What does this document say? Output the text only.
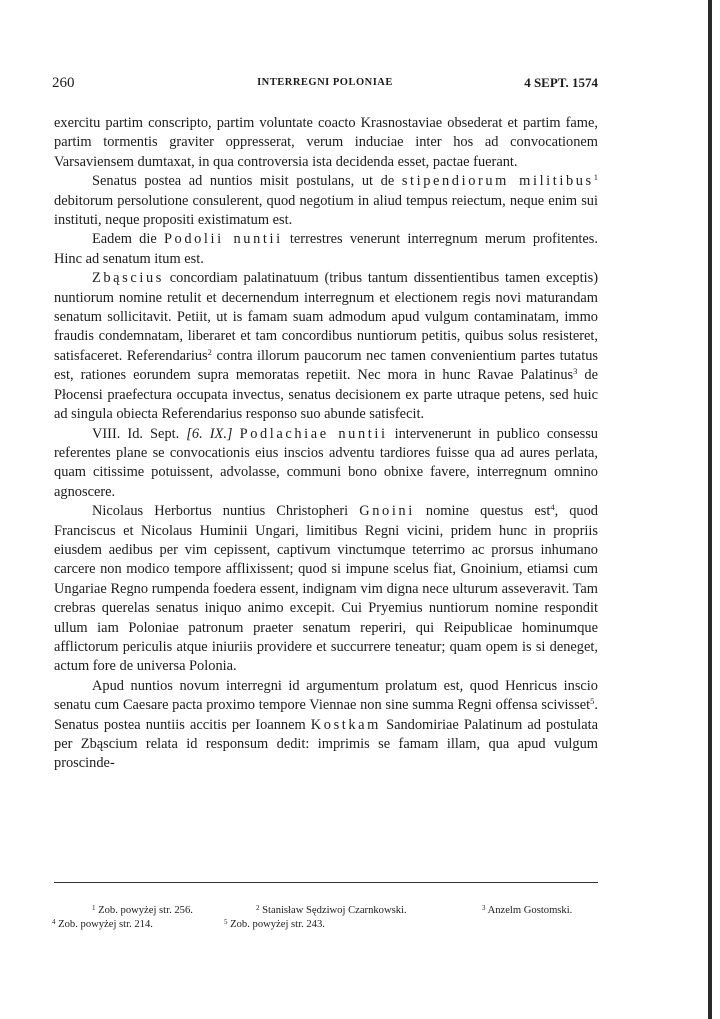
260	INTERREGNI POLONIAE	4 SEPT. 1574

exercitu partim conscripto, partim voluntate coacto Krasnostaviae obsederat et partim fame, partim tormentis graviter oppresserat, verum induciae inter hos ad convocationem Varsaviensem dumtaxat, in qua controversia ista decidenda esset, pactae fuerant.

Senatus postea ad nuntios misit postulans, ut de stipendiorum militibus$^1$ debitorum persolutione consulerent, quod negotium in aliud tempus reiectum, neque enim sui instituti, neque propositi existimatum est.

Eadem die Podolii nuntii terrestres venerunt interregnum merum profitentes. Hinc ad senatum itum est.

Zbąscius concordiam palatinatuum (tribus tantum dissentientibus tamen exceptis) nuntiorum nomine retulit et decernendum interregnum et electionem regis novi maturandam senatum sollicitavit. Petiit, ut is famam suam admodum apud vulgum contaminatam, immo fraudis condemnatam, liberaret et tam concordibus nuntiorum petitis, quibus solus resisteret, satisfaceret. Referendarius$^2$ contra illorum paucorum nec tamen convenientium partes tutatus est, rationes eorundem supra memoratas repetiit. Nec mora in hunc Ravae Palatinus$^3$ de Płocensi praefectura occupata invectus, senatus decisionem ex parte utraque petens, sed huic ad singula obiecta Referendarius responso suo abunde satisfecit.

VIII. Id. Sept. [6. IX.] Podlachiae nuntii intervenerunt in publico consessu referentes plane se convocationis eius inscios adventu tardiores fuisse qua ad aures perlata, quam citissime potuissent, advolasse, communi bono obnixe favere, interregnum omnino agnoscere.

Nicolaus Herbortus nuntius Christopheri Gnoini nomine questus est$^4$, quod Franciscus et Nicolaus Huminii Ungari, limitibus Regni vicini, pridem hunc in propriis eiusdem aedibus per vim cepissent, captivum vinctumque teterrimo ac prorsus inhumano carcere non modico tempore afflixissent; quod si impune scelus fiat, Gnoinium, etiamsi cum Ungariae Regno rumpenda foedera essent, indignam vim digna nece ulturum asseveravit. Tam crebras querelas senatus iniquo animo excepit. Cui Pryemius nuntiorum nomine respondit ullum iam Poloniae patronum praeter senatum reperiri, qui Reipublicae hominumque afflictorum periculis atque iniuriis providere et succurrere teneatur; quam opem is si deneget, actum fore de universa Polonia.

Apud nuntios novum interregni id argumentum prolatum est, quod Henricus inscio senatu cum Caesare pacta proximo tempore Viennae non sine summa Regni offensa scivisset$^5$. Senatus postea nuntiis accitis per Ioannem Kostkam Sandomiriae Palatinum ad postulata per Zbąscium relata id responsum dedit: imprimis se famam illam, qua apud vulgum proscinde-

$^1$ Zob. powyżej str. 256.	$^2$ Stanisław Sędziwoj Czarnkowski.	$^3$ Anzelm Gostomski.
$^4$ Zob. powyżej str. 214.	$^5$ Zob. powyżej str. 243.
